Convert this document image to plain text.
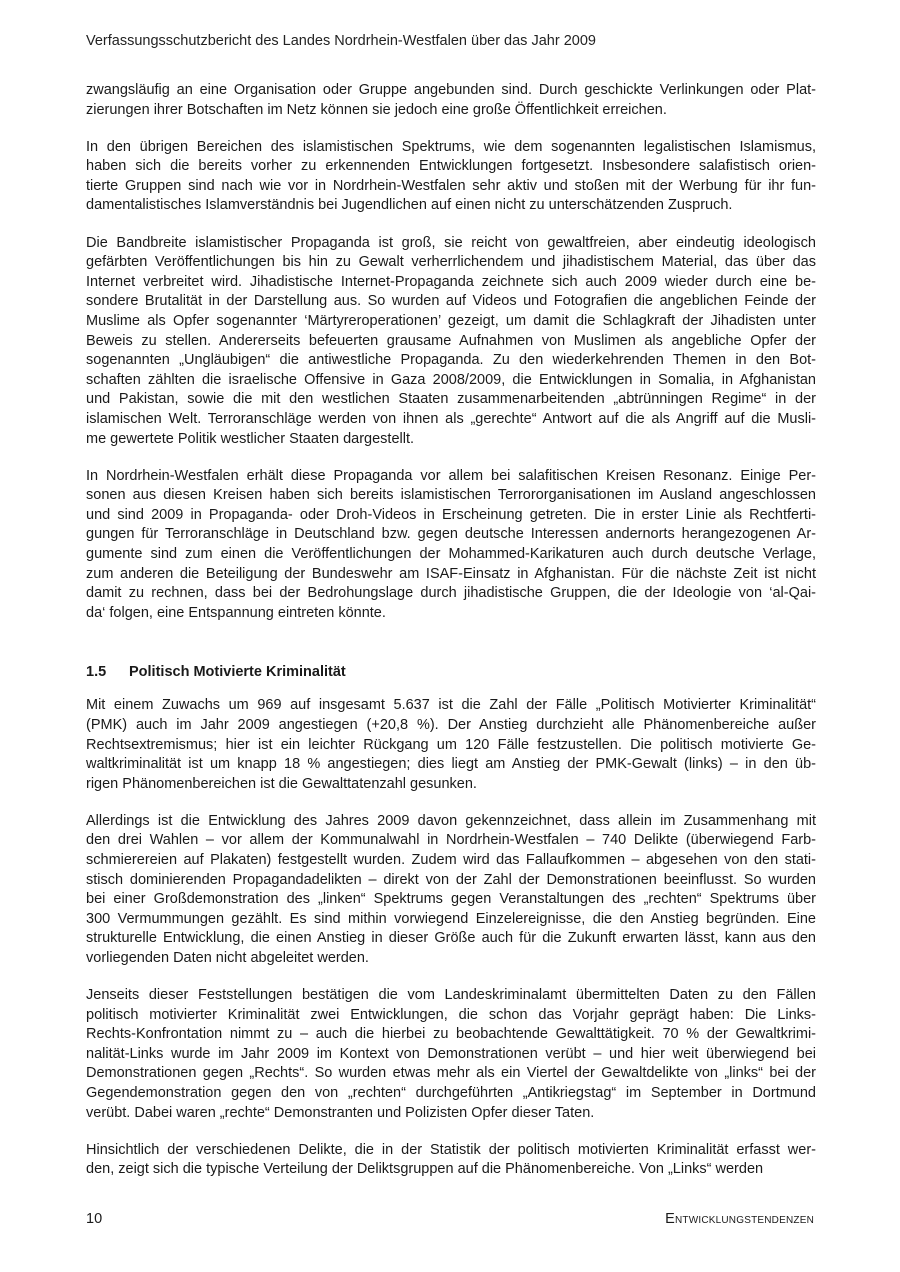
Verfassungsschutzbericht des Landes Nordrhein-Westfalen über das Jahr 2009

zwangsläufig an eine Organisation oder Gruppe angebunden sind. Durch geschickte Verlinkungen oder Plat-
zierungen ihrer Botschaften im Netz können sie jedoch eine große Öffentlichkeit erreichen.

In den übrigen Bereichen des islamistischen Spektrums, wie dem sogenannten legalistischen Islamismus,
haben sich die bereits vorher zu erkennenden Entwicklungen fortgesetzt. Insbesondere salafistisch orien-
tierte Gruppen sind nach wie vor in Nordrhein-Westfalen sehr aktiv und stoßen mit der Werbung für ihr fun-
damentalistisches Islamverständnis bei Jugendlichen auf einen nicht zu unterschätzenden Zuspruch.

Die Bandbreite islamistischer Propaganda ist groß, sie reicht von gewaltfreien, aber eindeutig ideologisch
gefärbten Veröffentlichungen bis hin zu Gewalt verherrlichendem und jihadistischem Material, das über das
Internet verbreitet wird. Jihadistische Internet-Propaganda zeichnete sich auch 2009 wieder durch eine be-
sondere Brutalität in der Darstellung aus. So wurden auf Videos und Fotografien die angeblichen Feinde der
Muslime als Opfer sogenannter ‘Märtyreroperationen’ gezeigt, um damit die Schlagkraft der Jihadisten unter
Beweis zu stellen. Andererseits befeuerten grausame Aufnahmen von Muslimen als angebliche Opfer der
sogenannten „Ungläubigen“ die antiwestliche Propaganda. Zu den wiederkehrenden Themen in den Bot-
schaften zählten die israelische Offensive in Gaza 2008/2009, die Entwicklungen in Somalia, in Afghanistan
und Pakistan, sowie die mit den westlichen Staaten zusammenarbeitenden „abtrünningen Regime“ in der
islamischen Welt. Terroranschläge werden von ihnen als „gerechte“ Antwort auf die als Angriff auf die Musli-
me gewertete Politik westlicher Staaten dargestellt.

In Nordrhein-Westfalen erhält diese Propaganda vor allem bei salafitischen Kreisen Resonanz. Einige Per-
sonen aus diesen Kreisen haben sich bereits islamistischen Terrororganisationen im Ausland angeschlossen
und sind 2009 in Propaganda- oder Droh-Videos in Erscheinung getreten. Die in erster Linie als Rechtferti-
gungen für Terroranschläge in Deutschland bzw. gegen deutsche Interessen andernorts herangezogenen Ar-
gumente sind zum einen die Veröffentlichungen der Mohammed-Karikaturen auch durch deutsche Verlage,
zum anderen die Beteiligung der Bundeswehr am ISAF-Einsatz in Afghanistan. Für die nächste Zeit ist nicht
damit zu rechnen, dass bei der Bedrohungslage durch jihadistische Gruppen, die der Ideologie von ‘al-Qai-
da‘ folgen, eine Entspannung eintreten könnte.

1.5 Politisch Motivierte Kriminalität

Mit einem Zuwachs um 969 auf insgesamt 5.637 ist die Zahl der Fälle „Politisch Motivierter Kriminalität“
(PMK) auch im Jahr 2009 angestiegen (+20,8 %). Der Anstieg durchzieht alle Phänomenbereiche außer
Rechtsextremismus; hier ist ein leichter Rückgang um 120 Fälle festzustellen. Die politisch motivierte Ge-
waltkriminalität ist um knapp 18 % angestiegen; dies liegt am Anstieg der PMK-Gewalt (links) – in den üb-
rigen Phänomenbereichen ist die Gewalttatenzahl gesunken.

Allerdings ist die Entwicklung des Jahres 2009 davon gekennzeichnet, dass allein im Zusammenhang mit
den drei Wahlen – vor allem der Kommunalwahl in Nordrhein-Westfalen – 740 Delikte (überwiegend Farb-
schmierereien auf Plakaten) festgestellt wurden. Zudem wird das Fallaufkommen – abgesehen von den stati-
stisch dominierenden Propagandadelikten – direkt von der Zahl der Demonstrationen beeinflusst. So wurden
bei einer Großdemonstration des „linken“ Spektrums gegen Veranstaltungen des „rechten“ Spektrums über
300 Vermummungen gezählt. Es sind mithin vorwiegend Einzelereignisse, die den Anstieg begründen. Eine
strukturelle Entwicklung, die einen Anstieg in dieser Größe auch für die Zukunft erwarten lässt, kann aus den
vorliegenden Daten nicht abgeleitet werden.

Jenseits dieser Feststellungen bestätigen die vom Landeskriminalamt übermittelten Daten zu den Fällen
politisch motivierter Kriminalität zwei Entwicklungen, die schon das Vorjahr geprägt haben: Die Links-
Rechts-Konfrontation nimmt zu – auch die hierbei zu beobachtende Gewalttätigkeit. 70 % der Gewaltkrimi-
nalität-Links wurde im Jahr 2009 im Kontext von Demonstrationen verübt – und hier weit überwiegend bei
Demonstrationen gegen „Rechts“. So wurden etwas mehr als ein Viertel der Gewaltdelikte von „links“ bei der
Gegendemonstration gegen den von „rechten“ durchgeführten „Antikriegstag“ im September in Dortmund
verübt. Dabei waren „rechte“ Demonstranten und Polizisten Opfer dieser Taten.

Hinsichtlich der verschiedenen Delikte, die in der Statistik der politisch motivierten Kriminalität erfasst wer-
den, zeigt sich die typische Verteilung der Deliktsgruppen auf die Phänomenbereiche. Von „Links“ werden

10	Entwicklungstendenzen
